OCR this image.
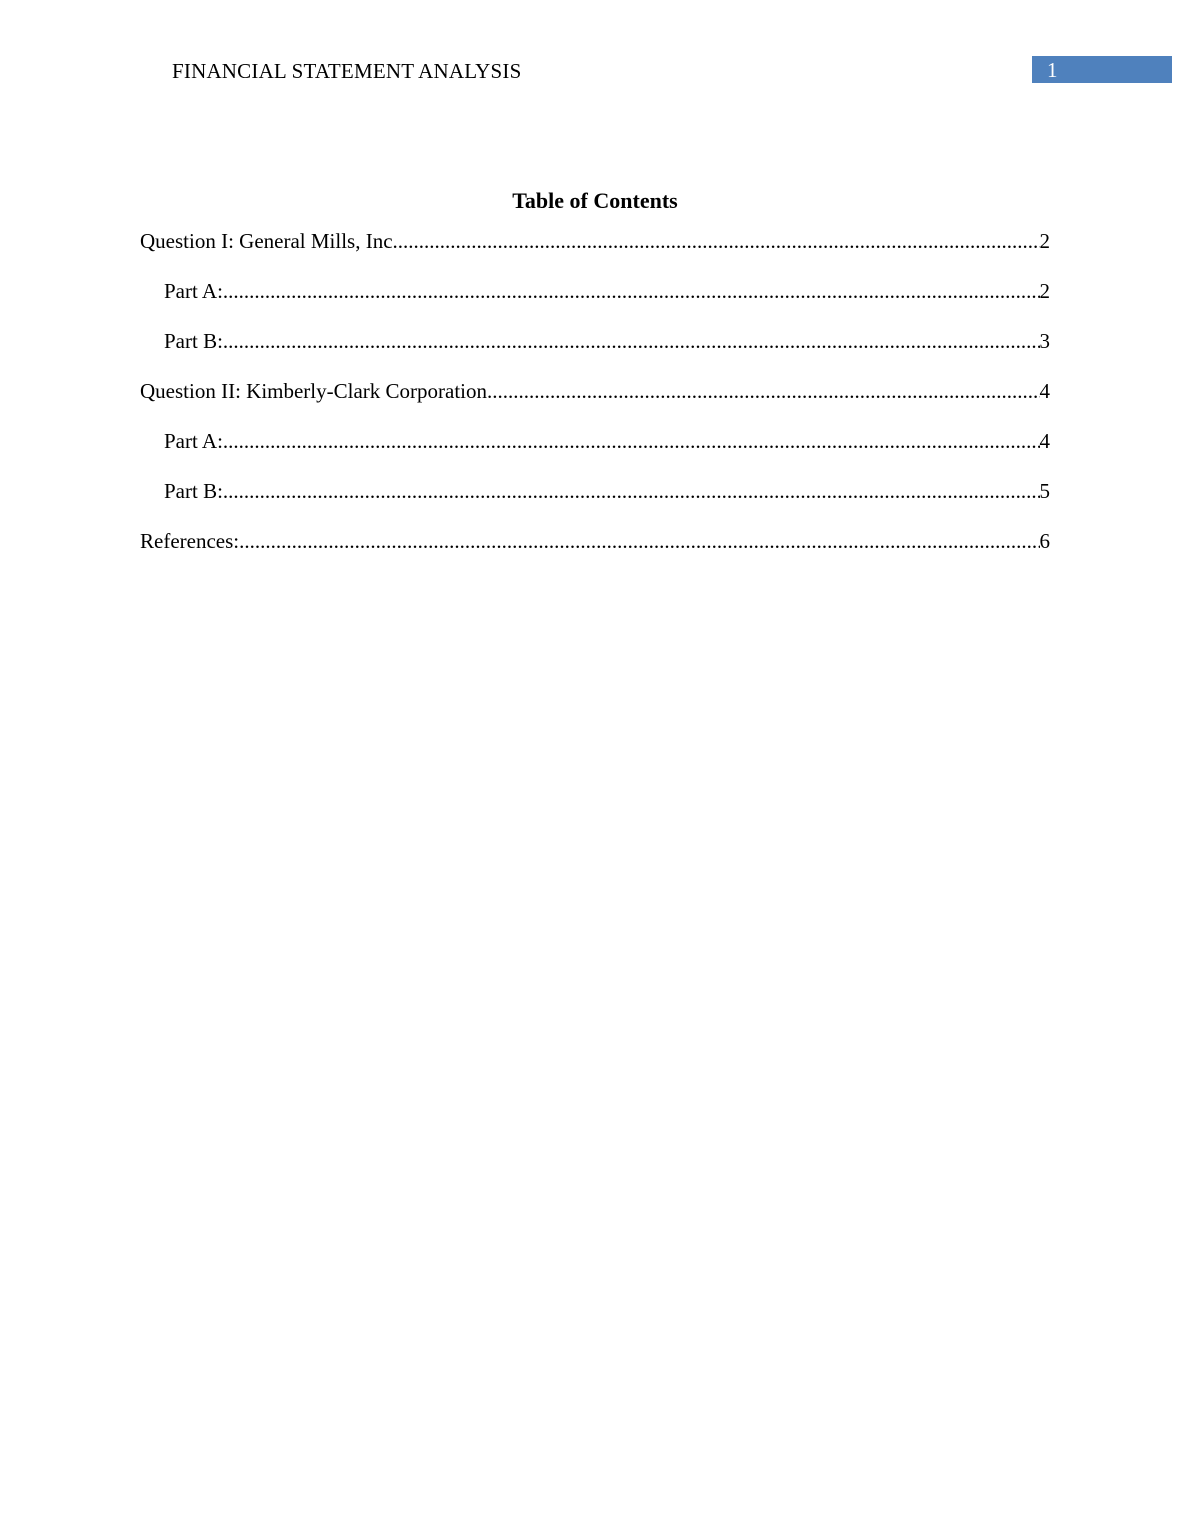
FINANCIAL STATEMENT ANALYSIS	1
Table of Contents
Question I: General Mills, Inc .....	2
Part A: .....	2
Part B: .....	3
Question II: Kimberly-Clark Corporation .....	4
Part A: .....	4
Part B: .....	5
References: .....	6
